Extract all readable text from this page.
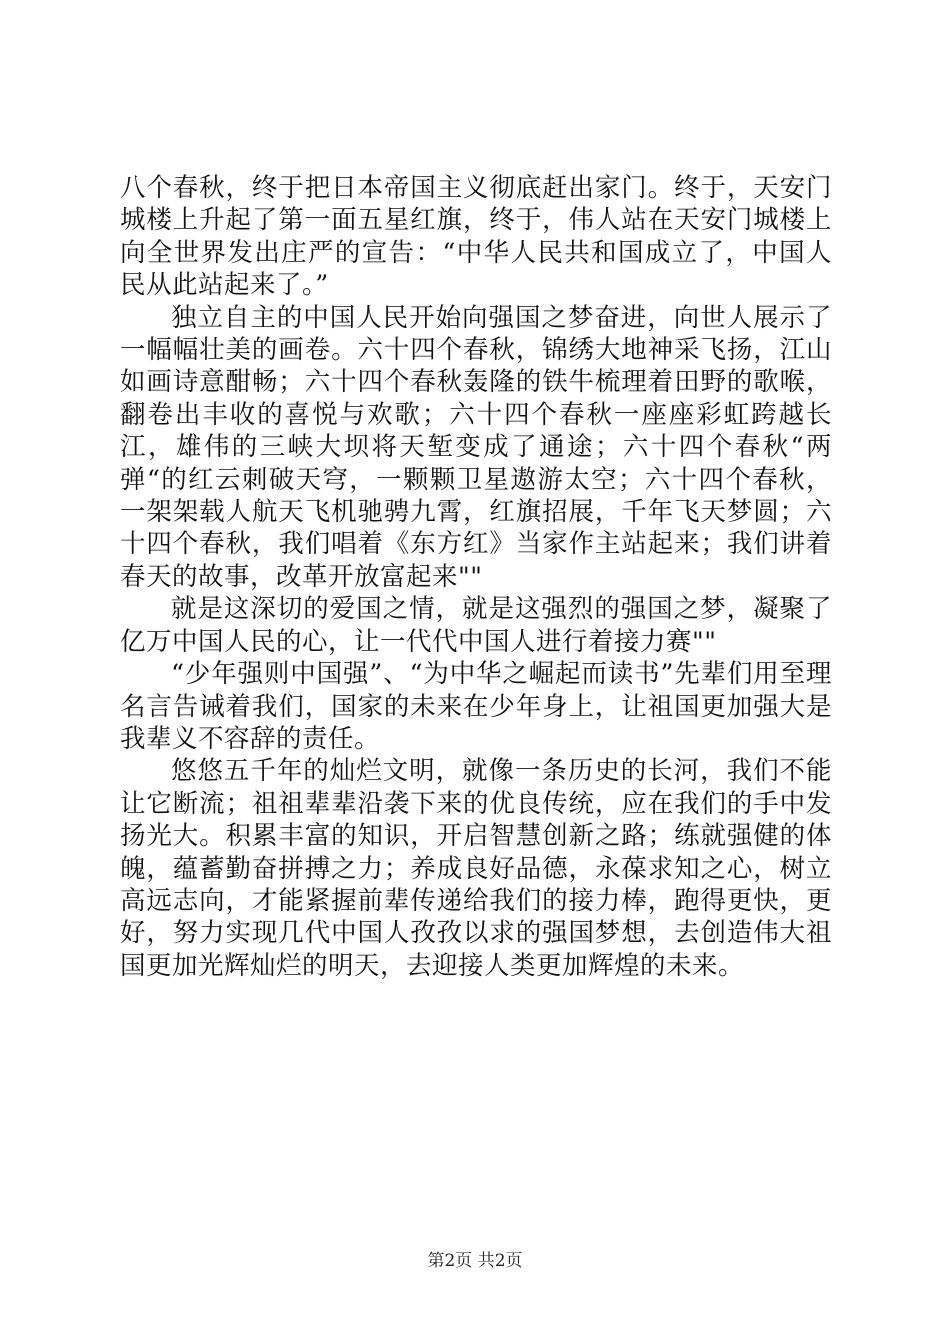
八个春秋，终于把日本帝国主义彻底赶出家门。终于，天安门城楼上升起了第一面五星红旗，终于，伟人站在天安门城楼上向全世界发出庄严的宣告：“中华人民共和国成立了，中国人民从此站起来了。”

独立自主的中国人民开始向强国之梦奋进，向世人展示了一幅幅壮美的画卷。六十四个春秋，锦绣大地神采飞扬，江山如画诗意酣畅；六十四个春秋轰隆的铁牛梳理着田野的歌喉，翻卷出丰收的喜悦与欢歌；六十四个春秋一座座彩虹跨越长江，雄伟的三峡大坝将天堑变成了通途；六十四个春秋“两弹“的红云刺破天穹，一颗颗卫星遨游太空；六十四个春秋，一架架载人航天飞机驰骋九霄，红旗招展，千年飞天梦圆；六十四个春秋，我们唱着《东方红》当家作主站起来；我们讲着春天的故事，改革开放富起来""

就是这深切的爱国之情，就是这强烈的强国之梦，凝聚了亿万中国人民的心，让一代代中国人进行着接力赛""

“少年强则中国强”、“为中华之崛起而读书”先辈们用至理名言告诫着我们，国家的未来在少年身上，让祖国更加强大是我辈义不容辞的责任。

悠悠五千年的灿烂文明，就像一条历史的长河，我们不能让它断流；祖祖辈辈沿袭下来的优良传统，应在我们的手中发扬光大。积累丰富的知识，开启智慧创新之路；练就强健的体魄，蕴蓄勤奋拼搏之力；养成良好品德，永葆求知之心，树立高远志向，才能紧握前辈传递给我们的接力棒，跑得更快，更好，努力实现几代中国人孜孜以求的强国梦想，去创造伟大祖国更加光辉灿烂的明天，去迎接人类更加辉煌的未来。

第2页 共2页
